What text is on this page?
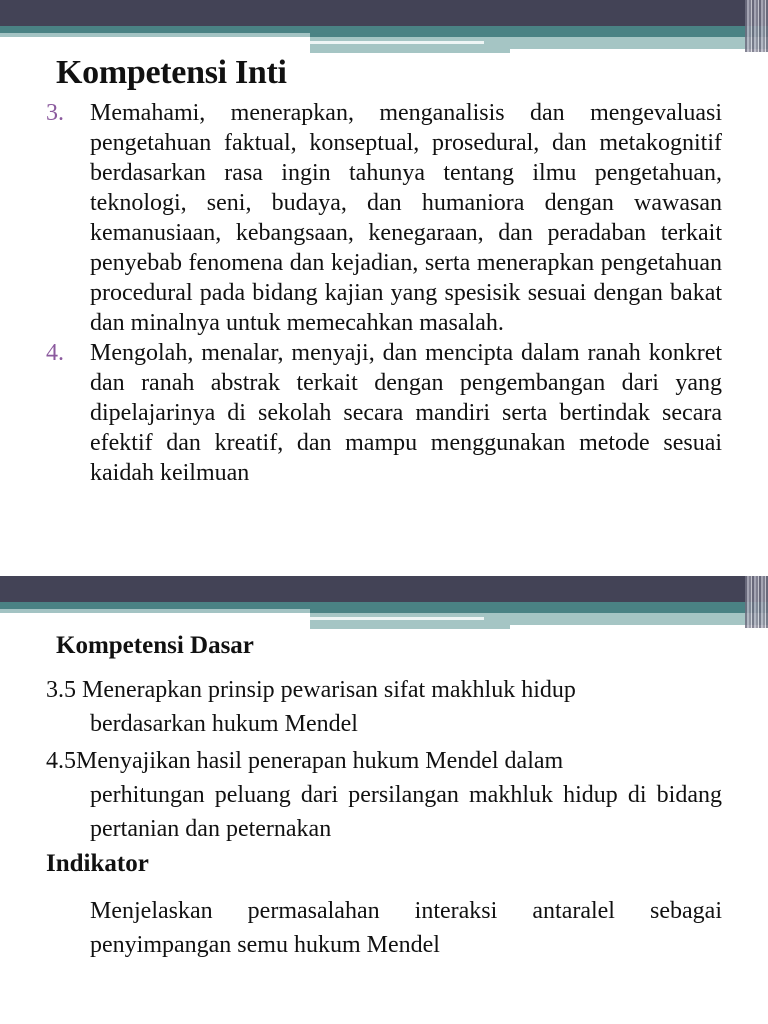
Kompetensi Inti
3. Memahami, menerapkan, menganalisis dan mengevaluasi pengetahuan faktual, konseptual, prosedural, dan metakognitif berdasarkan rasa ingin tahunya tentang ilmu pengetahuan, teknologi, seni, budaya, dan humaniora dengan wawasan kemanusiaan, kebangsaan, kenegaraan, dan peradaban terkait penyebab fenomena dan kejadian, serta menerapkan pengetahuan procedural pada bidang kajian yang spesisik sesuai dengan bakat dan minalnya untuk memecahkan masalah.
4. Mengolah, menalar, menyaji, dan mencipta dalam ranah konkret dan ranah abstrak terkait dengan pengembangan dari yang dipelajarinya di sekolah secara mandiri serta bertindak secara efektif dan kreatif, dan mampu menggunakan metode sesuai kaidah keilmuan
Kompetensi Dasar
3.5 Menerapkan prinsip pewarisan sifat makhluk hidup
berdasarkan hukum Mendel
4.5Menyajikan hasil penerapan hukum Mendel dalam
perhitungan peluang dari persilangan makhluk hidup di bidang pertanian dan peternakan
Indikator
Menjelaskan permasalahan interaksi antaralel sebagai penyimpangan semu hukum Mendel
